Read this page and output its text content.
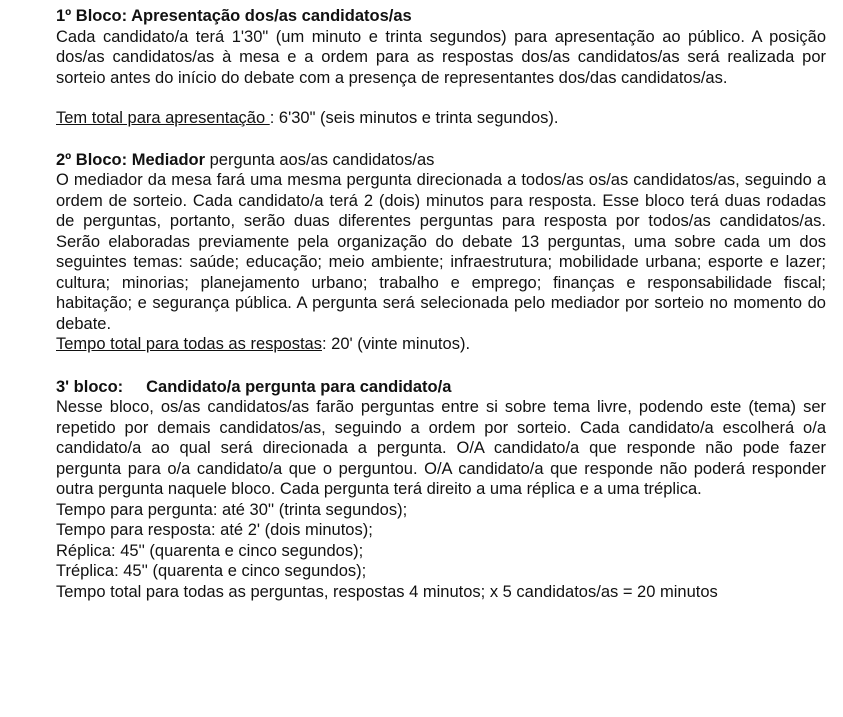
1º Bloco: Apresentação dos/as candidatos/as

Cada candidato/a terá 1'30" (um minuto e trinta segundos) para apresentação ao público. A posição dos/as candidatos/as à mesa e a ordem para as respostas dos/as candidatos/as será realizada por sorteio antes do início do debate com a presença de representantes dos/das candidatos/as.

Tem total para apresentação : 6'30" (seis minutos e trinta segundos).

2º Bloco: Mediador pergunta aos/as candidatos/as

O mediador da mesa fará uma mesma pergunta direcionada a todos/as os/as candidatos/as, seguindo a ordem de sorteio. Cada candidato/a terá 2 (dois) minutos para resposta. Esse bloco terá duas rodadas de perguntas, portanto, serão duas diferentes perguntas para resposta por todos/as candidatos/as. Serão elaboradas previamente pela organização do debate 13 perguntas, uma sobre cada um dos seguintes temas: saúde; educação; meio ambiente; infraestrutura; mobilidade urbana; esporte e lazer; cultura; minorias; planejamento urbano; trabalho e emprego; finanças e responsabilidade fiscal; habitação; e segurança pública. A pergunta será selecionada pelo mediador por sorteio no momento do debate.

Tempo total para todas as respostas: 20' (vinte minutos).

3' bloco:     Candidato/a pergunta para candidato/a

Nesse bloco, os/as candidatos/as farão perguntas entre si sobre tema livre, podendo este (tema) ser repetido por demais candidatos/as, seguindo a ordem por sorteio. Cada candidato/a escolherá o/a candidato/a ao qual será direcionada a pergunta. O/A candidato/a que responde não pode fazer pergunta para o/a candidato/a que o perguntou. O/A candidato/a que responde não poderá responder outra pergunta naquele bloco. Cada pergunta terá direito a uma réplica e a uma tréplica.

Tempo para pergunta: até 30'' (trinta segundos);

Tempo para resposta: até 2' (dois minutos);

Réplica: 45'' (quarenta e cinco segundos);

Tréplica: 45'' (quarenta e cinco segundos);

Tempo total para todas as perguntas, respostas 4 minutos; x 5 candidatos/as = 20 minutos
